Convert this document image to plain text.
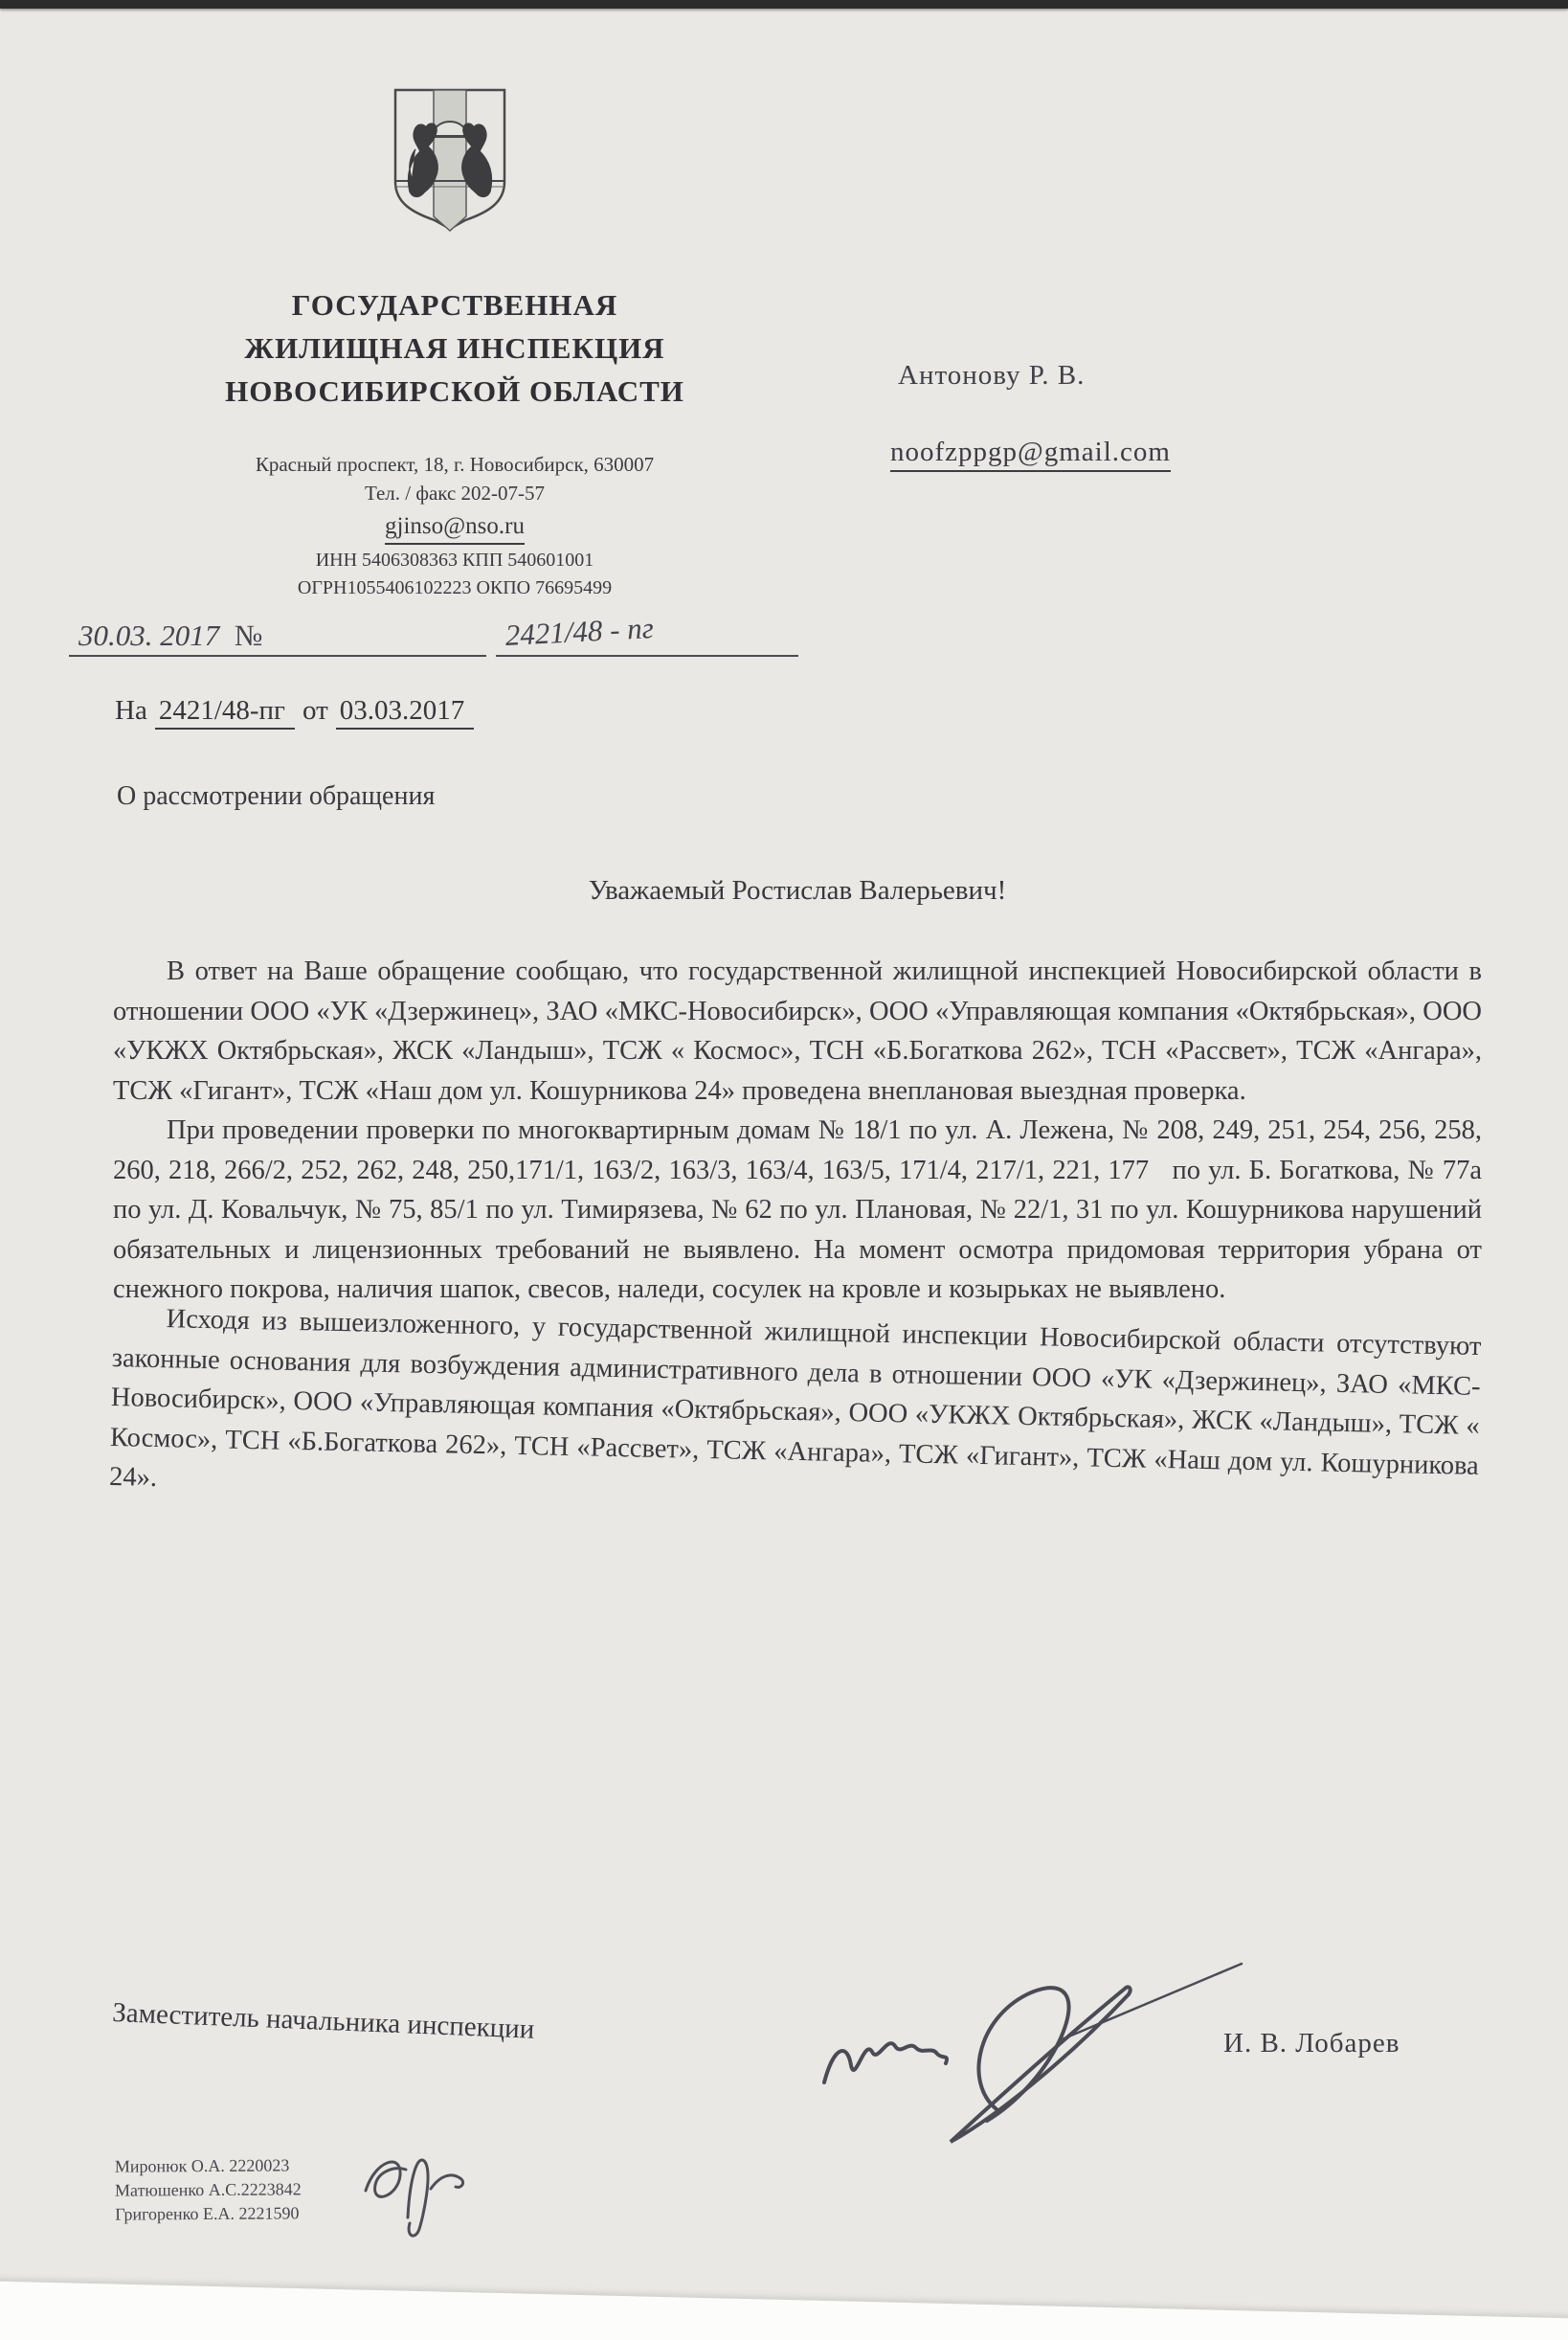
ГОСУДАРСТВЕННАЯ
ЖИЛИЩНАЯ ИНСПЕКЦИЯ
НОВОСИБИРСКОЙ ОБЛАСТИ
Красный проспект, 18, г. Новосибирск, 630007
Тел. / факс 202-07-57
gjinso@nso.ru
ИНН 5406308363 КПП 540601001
ОГРН1055406102223 ОКПО 76695499
30.03. 2017 №	2421/48 - пг
На 2421/48-пг от 03.03.2017
Антонову Р. В.
noofzppgp@gmail.com
О рассмотрении обращения
Уважаемый Ростислав Валерьевич!

В ответ на Ваше обращение сообщаю, что государственной жилищной инспекцией Новосибирской области в отношении ООО «УК «Дзержинец», ЗАО «МКС-Новосибирск», ООО «Управляющая компания «Октябрьская», ООО «УКЖХ Октябрьская», ЖСК «Ландыш», ТСЖ « Космос», ТСН «Б.Богаткова 262», ТСН «Рассвет», ТСЖ «Ангара», ТСЖ «Гигант», ТСЖ «Наш дом ул. Кошурникова 24» проведена внеплановая выездная проверка.

При проведении проверки по многоквартирным домам № 18/1 по ул. А. Лежена, № 208, 249, 251, 254, 256, 258, 260, 218, 266/2, 252, 262, 248, 250,171/1, 163/2, 163/3, 163/4, 163/5, 171/4, 217/1, 221, 177   по ул. Б. Богаткова, № 77а по ул. Д. Ковальчук, № 75, 85/1 по ул. Тимирязева, № 62 по ул. Плановая, № 22/1, 31 по ул. Кошурникова нарушений обязательных и лицензионных требований не выявлено. На момент осмотра придомовая территория убрана от снежного покрова, наличия шапок, свесов, наледи, сосулек на кровле и козырьках не выявлено.

Исходя из вышеизложенного, у государственной жилищной инспекции Новосибирской области отсутствуют законные основания для возбуждения административного дела в отношении ООО «УК «Дзержинец», ЗАО «МКС-Новосибирск», ООО «Управляющая компания «Октябрьская», ООО «УКЖХ Октябрьская», ЖСК «Ландыш», ТСЖ « Космос», ТСН «Б.Богаткова 262», ТСН «Рассвет», ТСЖ «Ангара», ТСЖ «Гигант», ТСЖ «Наш дом ул. Кошурникова 24».

Заместитель начальника инспекции	И. В. Лобарев
Миронюк О.А. 2220023
Матюшенко А.С.2223842
Григоренко Е.А. 2221590
